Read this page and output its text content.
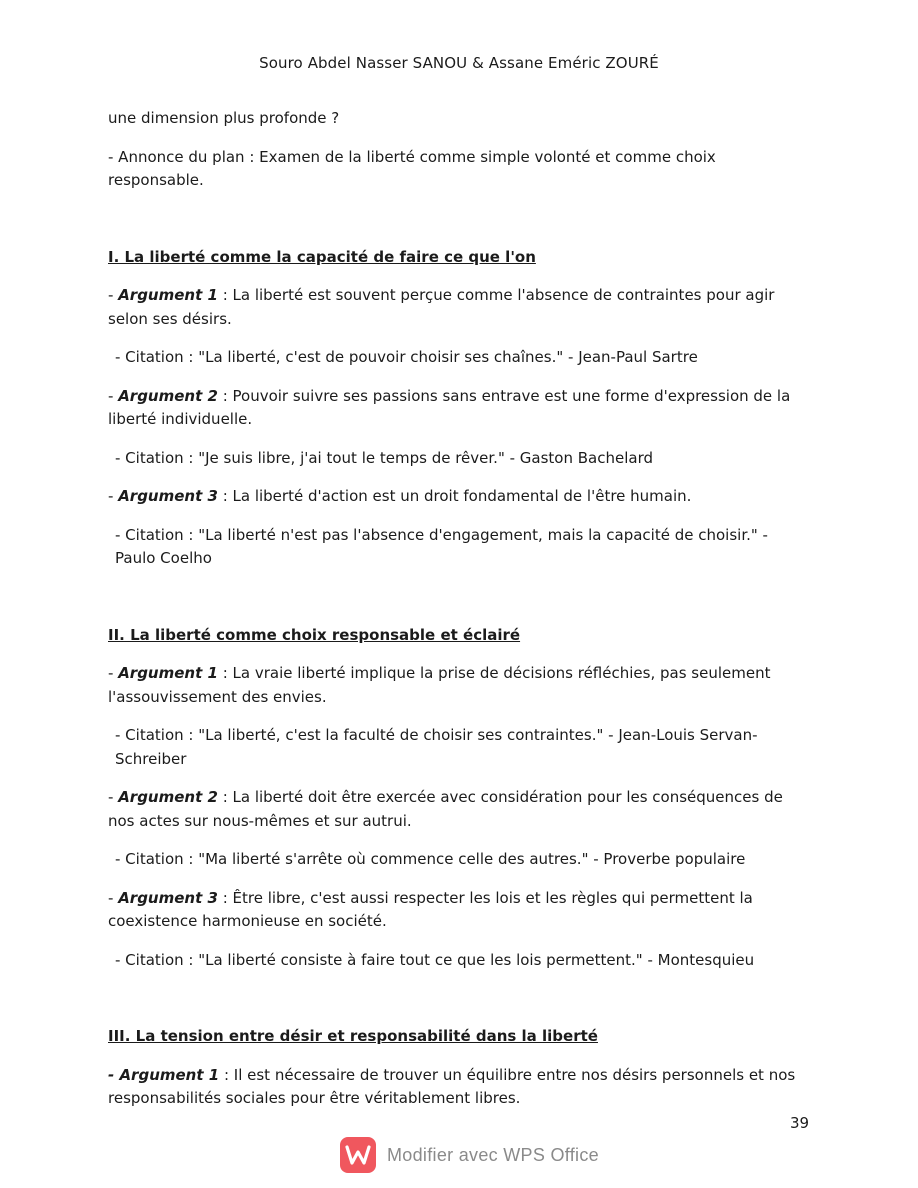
Souro Abdel Nasser SANOU & Assane Eméric ZOURÉ

une dimension plus profonde ?

- Annonce du plan : Examen de la liberté comme simple volonté et comme choix responsable.

I. La liberté comme la capacité de faire ce que l'on

- Argument 1 : La liberté est souvent perçue comme l'absence de contraintes pour agir selon ses désirs.

- Citation : "La liberté, c'est de pouvoir choisir ses chaînes." - Jean-Paul Sartre

- Argument 2 : Pouvoir suivre ses passions sans entrave est une forme d'expression de la liberté individuelle.

- Citation : "Je suis libre, j'ai tout le temps de rêver." - Gaston Bachelard

- Argument 3 : La liberté d'action est un droit fondamental de l'être humain.

- Citation : "La liberté n'est pas l'absence d'engagement, mais la capacité de choisir." - Paulo Coelho

II. La liberté comme choix responsable et éclairé

- Argument 1 : La vraie liberté implique la prise de décisions réfléchies, pas seulement l'assouvissement des envies.

- Citation : "La liberté, c'est la faculté de choisir ses contraintes." - Jean-Louis Servan-Schreiber

- Argument 2 : La liberté doit être exercée avec considération pour les conséquences de nos actes sur nous-mêmes et sur autrui.

- Citation : "Ma liberté s'arrête où commence celle des autres." - Proverbe populaire

- Argument 3 : Être libre, c'est aussi respecter les lois et les règles qui permettent la coexistence harmonieuse en société.

- Citation : "La liberté consiste à faire tout ce que les lois permettent." - Montesquieu

III. La tension entre désir et responsabilité dans la liberté

- Argument 1 : Il est nécessaire de trouver un équilibre entre nos désirs personnels et nos responsabilités sociales pour être véritablement libres.

39
Modifier avec WPS Office
